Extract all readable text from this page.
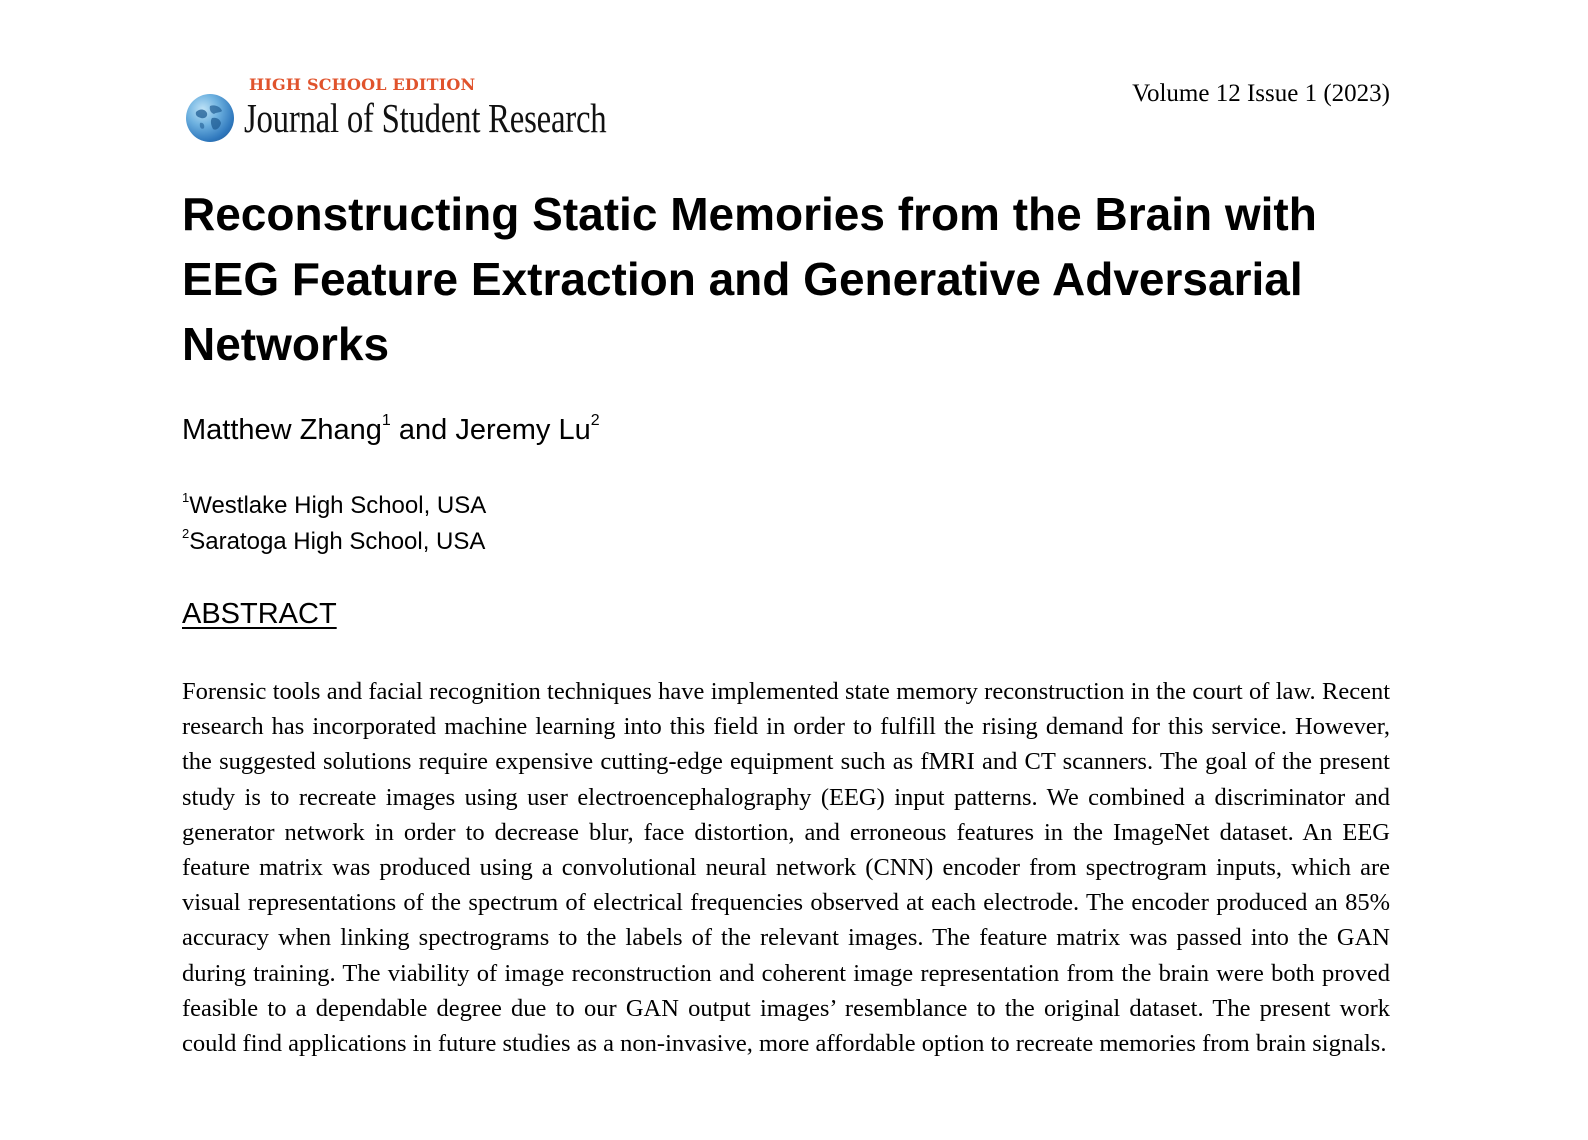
HIGH SCHOOL EDITION
Journal of Student Research
Volume 12 Issue 1 (2023)
Reconstructing Static Memories from the Brain with EEG Feature Extraction and Generative Adversarial Networks
Matthew Zhang$^1$ and Jeremy Lu$^2$
$^1$Westlake High School, USA
$^2$Saratoga High School, USA
ABSTRACT

Forensic tools and facial recognition techniques have implemented state memory reconstruction in the court of law. Recent research has incorporated machine learning into this field in order to fulfill the rising demand for this service. However, the suggested solutions require expensive cutting-edge equipment such as fMRI and CT scanners. The goal of the present study is to recreate images using user electroencephalography (EEG) input patterns. We combined a discriminator and generator network in order to decrease blur, face distortion, and erroneous features in the ImageNet dataset. An EEG feature matrix was produced using a convolutional neural network (CNN) encoder from spectrogram inputs, which are visual representations of the spectrum of electrical frequencies observed at each electrode. The encoder produced an 85% accuracy when linking spectrograms to the labels of the relevant images. The feature matrix was passed into the GAN during training. The viability of image reconstruction and coherent image representation from the brain were both proved feasible to a dependable degree due to our GAN output images’ resemblance to the original dataset. The present work could find applications in future studies as a non-invasive, more affordable option to recreate memories from brain signals.
